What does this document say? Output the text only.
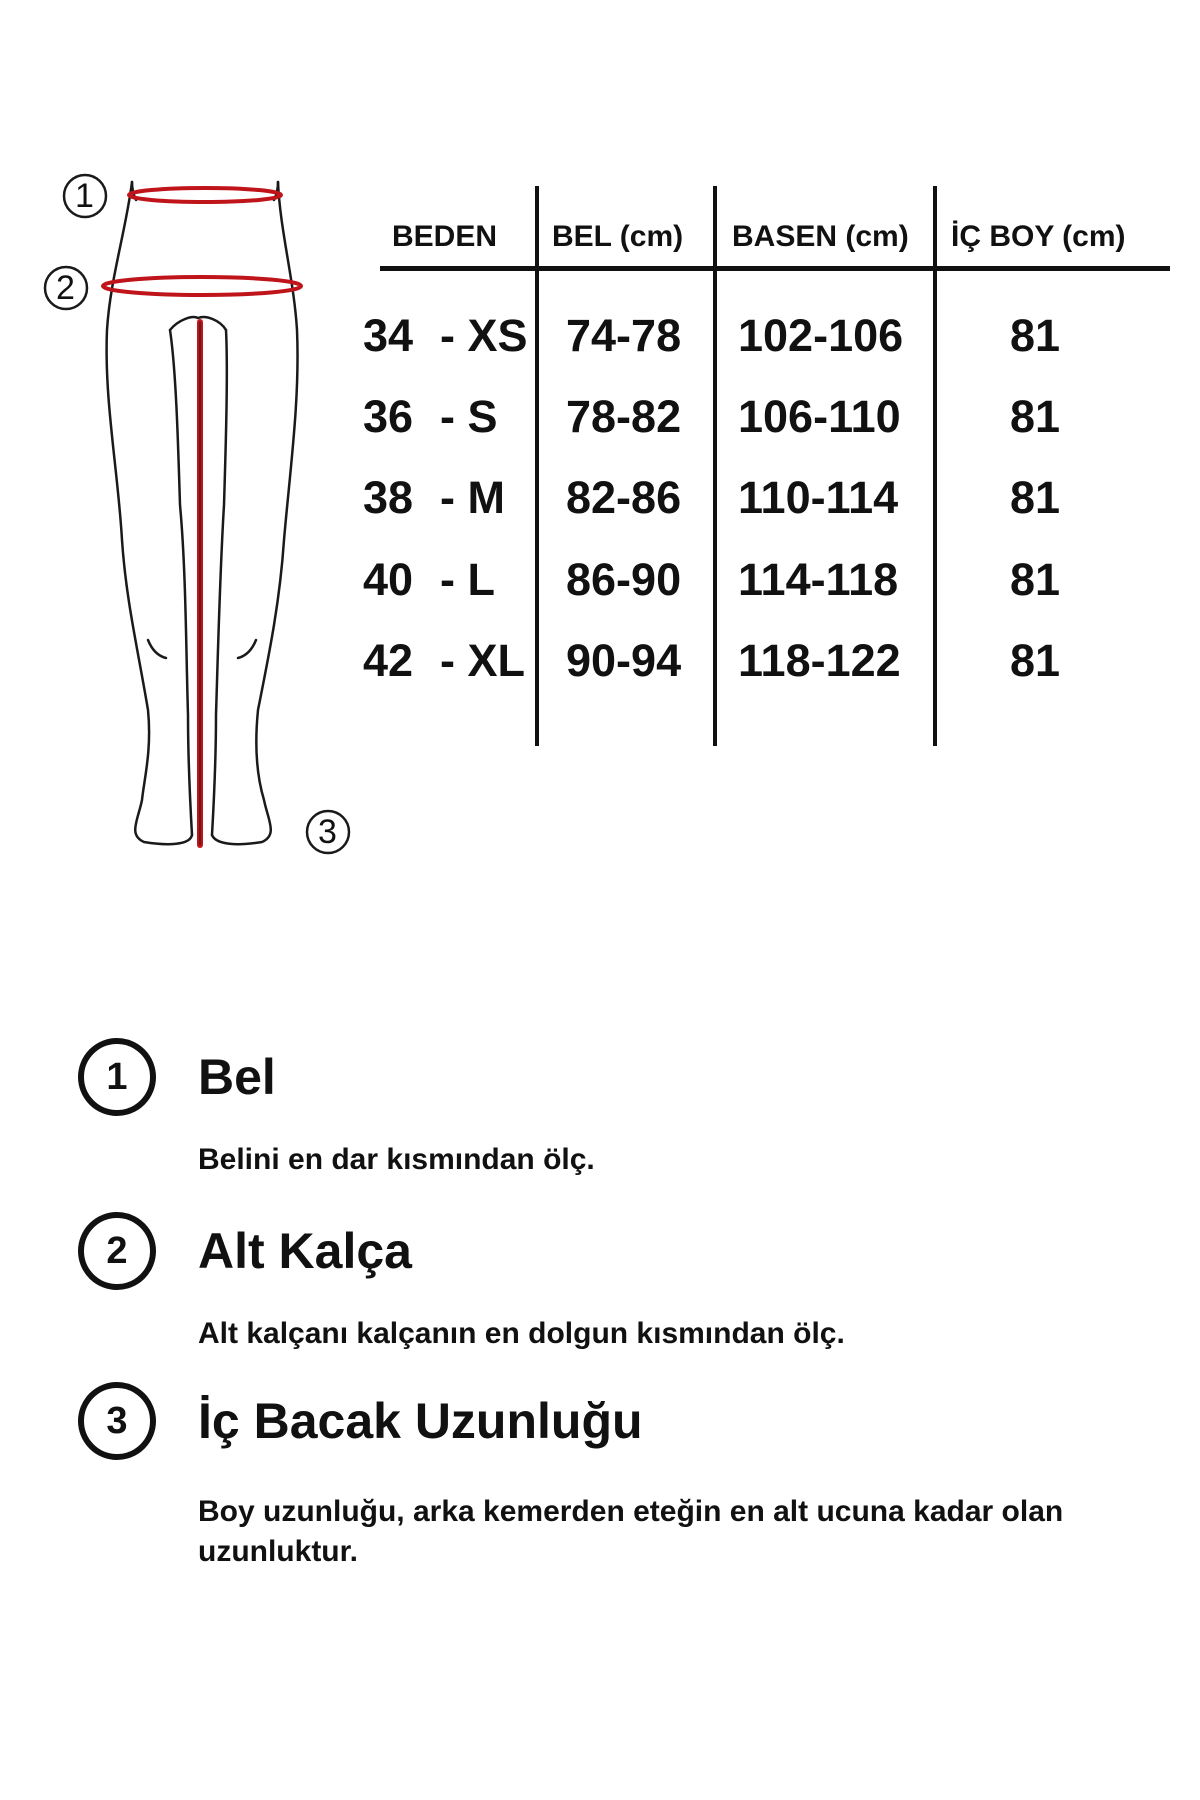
1
2
3
BEDEN BEL (cm) BASEN (cm) İÇ BOY (cm)
34 - XS 74-78 102-106 81
36 - S 78-82 106-110 81
38 - M 82-86 110-114 81
40 - L 86-90 114-118 81
42 - XL 90-94 118-122 81
1	Bel
Belini en dar kısmından ölç.
2	Alt Kalça
Alt kalçanı kalçanın en dolgun kısmından ölç.
3	İç Bacak Uzunluğu
Boy uzunluğu, arka kemerden eteğin en alt ucuna kadar olan uzunluktur.
